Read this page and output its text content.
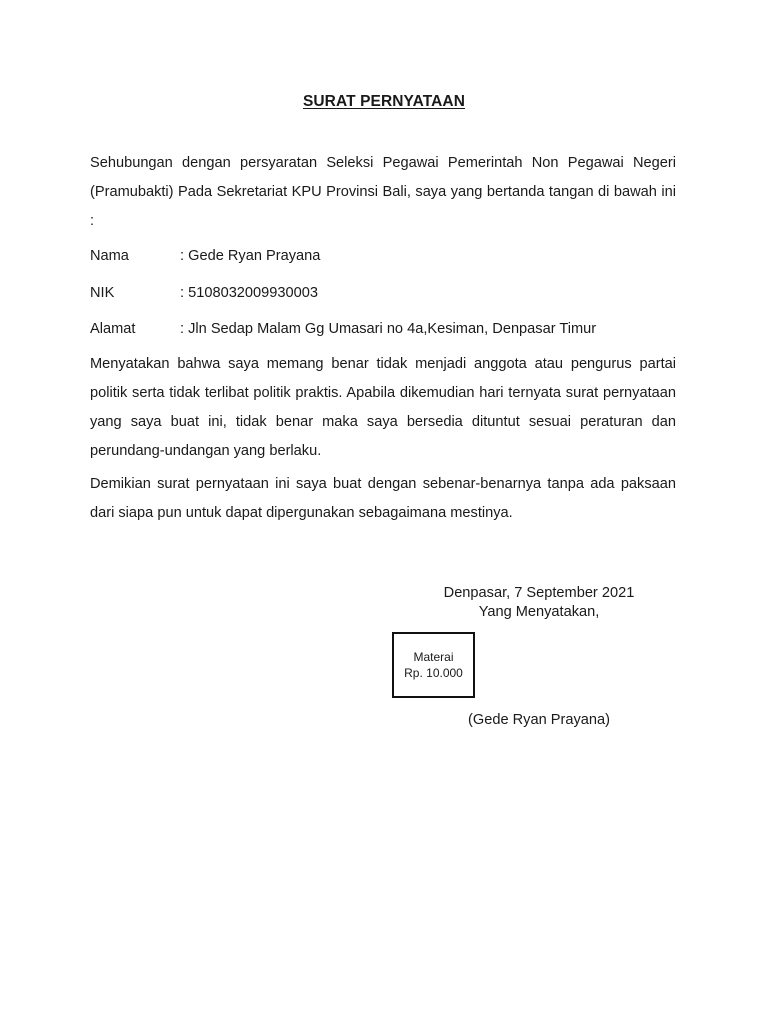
SURAT PERNYATAAN

Sehubungan dengan persyaratan Seleksi Pegawai Pemerintah Non Pegawai Negeri (Pramubakti) Pada Sekretariat KPU Provinsi Bali, saya yang bertanda tangan di bawah ini :

Nama	: Gede Ryan Prayana
NIK	: 5108032009930003
Alamat	: Jln Sedap Malam Gg Umasari no 4a,Kesiman, Denpasar Timur

Menyatakan bahwa saya memang benar tidak menjadi anggota atau pengurus partai politik serta tidak terlibat politik praktis. Apabila dikemudian hari ternyata surat pernyataan yang saya buat ini, tidak benar maka saya bersedia dituntut sesuai peraturan dan perundang-undangan yang berlaku.

Demikian surat pernyataan ini saya buat dengan sebenar-benarnya tanpa ada paksaan dari siapa pun untuk dapat dipergunakan sebagaimana mestinya.

Denpasar, 7 September 2021
Yang Menyatakan,
Materai
Rp. 10.000
(Gede Ryan Prayana)
